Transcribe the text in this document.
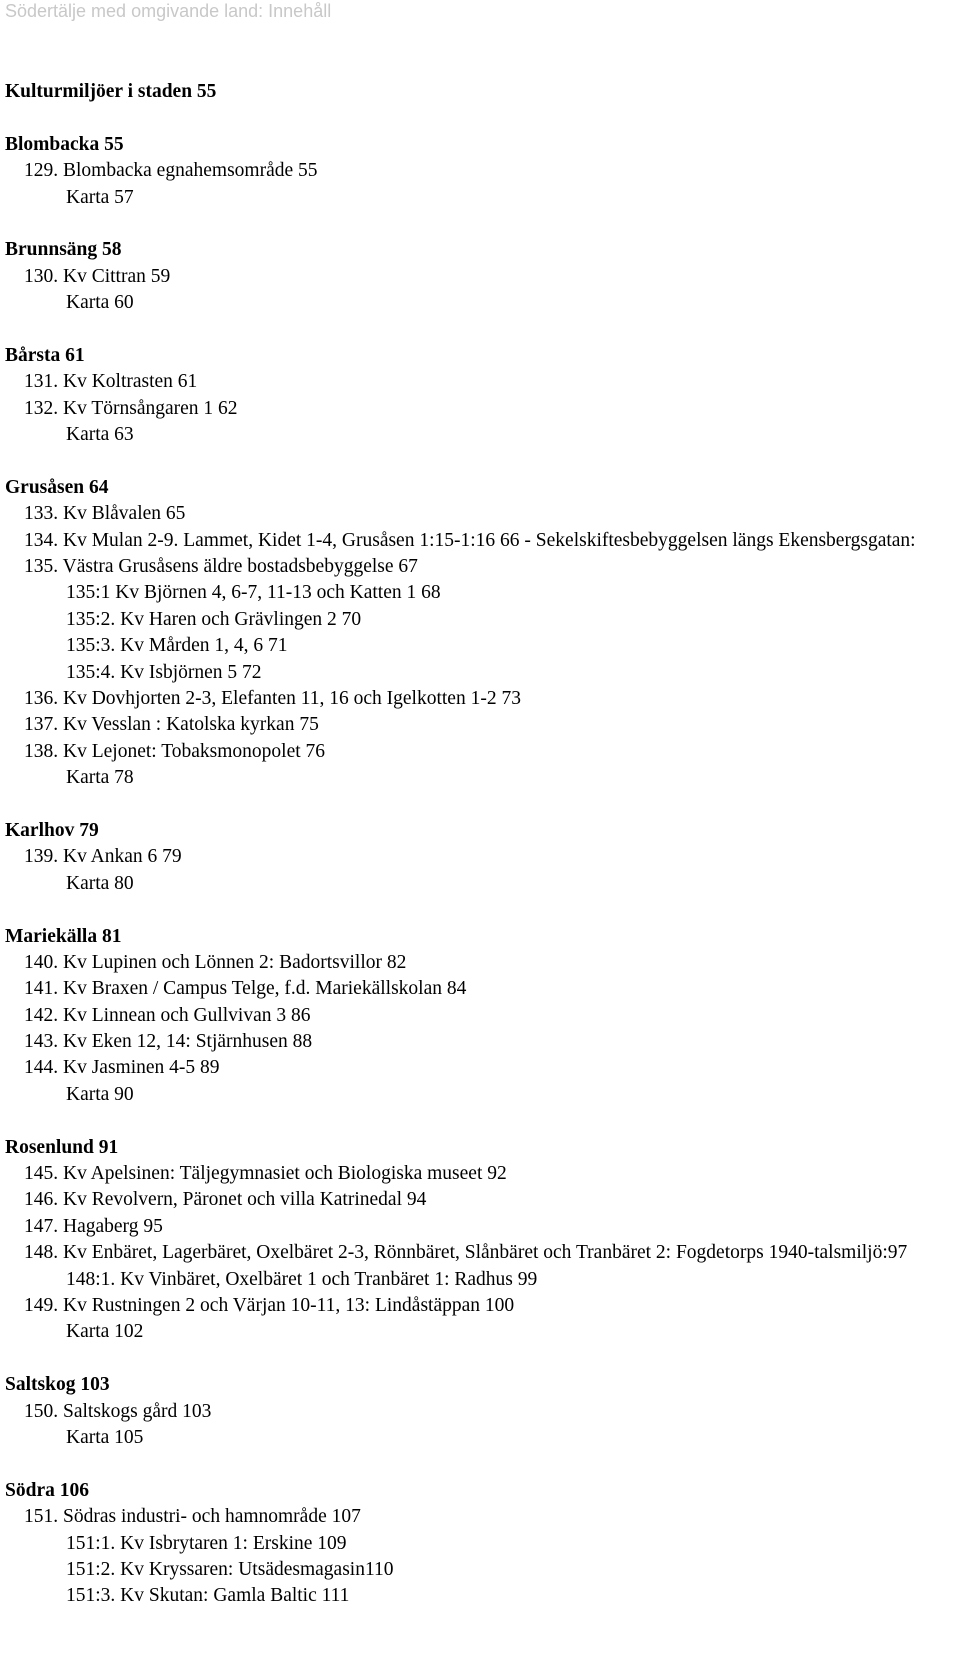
Södertälje med omgivande land: Innehåll
Kulturmiljöer i staden 55
Blombacka 55
129. Blombacka egnahemsområde 55
Karta 57
Brunnsäng 58
130. Kv Cittran 59
Karta 60
Bårsta 61
131. Kv Koltrasten 61
132. Kv Törnsångaren 1 62
Karta 63
Grusåsen 64
133. Kv Blåvalen 65
134. Kv Mulan 2-9. Lammet, Kidet 1-4, Grusåsen 1:15-1:16 66 - Sekelskiftesbebyggelsen längs Ekensbergsgatan:
135. Västra Grusåsens äldre bostadsbebyggelse 67
135:1 Kv Björnen 4, 6-7, 11-13 och Katten 1 68
135:2. Kv Haren och Grävlingen 2 70
135:3. Kv Mården 1, 4, 6 71
135:4. Kv Isbjörnen 5 72
136. Kv Dovhjorten 2-3, Elefanten 11, 16 och Igelkotten 1-2 73
137. Kv Vesslan : Katolska kyrkan 75
138. Kv Lejonet: Tobaksmonopolet 76
Karta 78
Karlhov 79
139. Kv Ankan 6 79
Karta 80
Mariekälla 81
140. Kv Lupinen och Lönnen 2: Badortsvillor 82
141. Kv Braxen / Campus Telge, f.d. Mariekällskolan 84
142. Kv Linnean och Gullvivan 3 86
143. Kv Eken 12, 14: Stjärnhusen 88
144. Kv Jasminen 4-5 89
Karta 90
Rosenlund 91
145. Kv Apelsinen: Täljegymnasiet och Biologiska museet 92
146. Kv Revolvern, Päronet och villa Katrinedal 94
147. Hagaberg 95
148. Kv Enbäret, Lagerbäret, Oxelbäret 2-3, Rönnbäret, Slånbäret och Tranbäret 2: Fogdetorps 1940-talsmiljö:97
148:1. Kv Vinbäret, Oxelbäret 1 och Tranbäret 1: Radhus 99
149. Kv Rustningen 2 och Värjan 10-11, 13: Lindåstäppan 100
Karta 102
Saltskog 103
150. Saltskogs gård 103
Karta 105
Södra 106
151. Södras industri- och hamnområde 107
151:1. Kv Isbrytaren 1: Erskine 109
151:2. Kv Kryssaren: Utsädesmagasin110
151:3. Kv Skutan: Gamla Baltic 111
